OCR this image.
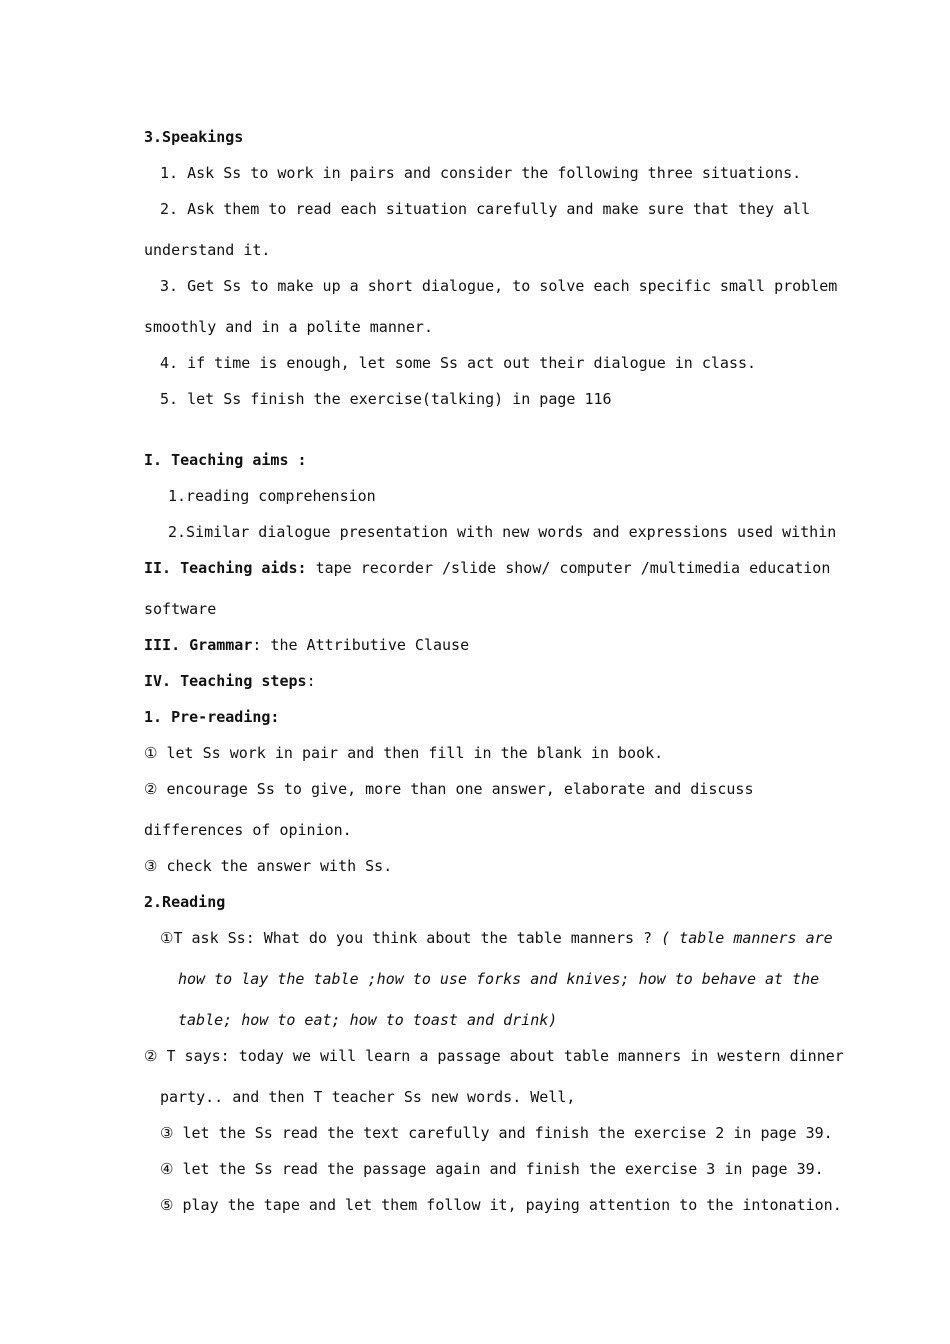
3.Speakings
1. Ask Ss to work in pairs and consider the following three situations.
2. Ask them to read each situation carefully and make sure that they all
understand it.
3. Get Ss to make up a short dialogue, to solve each specific small problem
smoothly and in a polite manner.
4. if time is enough, let some Ss act out their dialogue in class.
5. let Ss finish the exercise(talking) in page 116
I. Teaching aims :
1.reading comprehension
2.Similar dialogue presentation with new words and expressions used within
II. Teaching aids: tape recorder /slide show/ computer /multimedia education
software
III. Grammar: the Attributive Clause
IV. Teaching steps:
1. Pre-reading:
① let Ss work in pair and then fill in the blank in book.
② encourage Ss to give, more than one answer, elaborate and discuss
differences of opinion.
③ check the answer with Ss.
2.Reading
①T ask Ss: What do you think about the table manners ? ( table manners are
how to lay the table ;how to use forks and knives; how to behave at the
table; how to eat; how to toast and drink)
② T says: today we will learn a passage about table manners in western dinner
party.. and then T teacher Ss new words. Well,
③ let the Ss read the text carefully and finish the exercise 2 in page 39.
④ let the Ss read the passage again and finish the exercise 3 in page 39.
⑤ play the tape and let them follow it, paying attention to the intonation.
